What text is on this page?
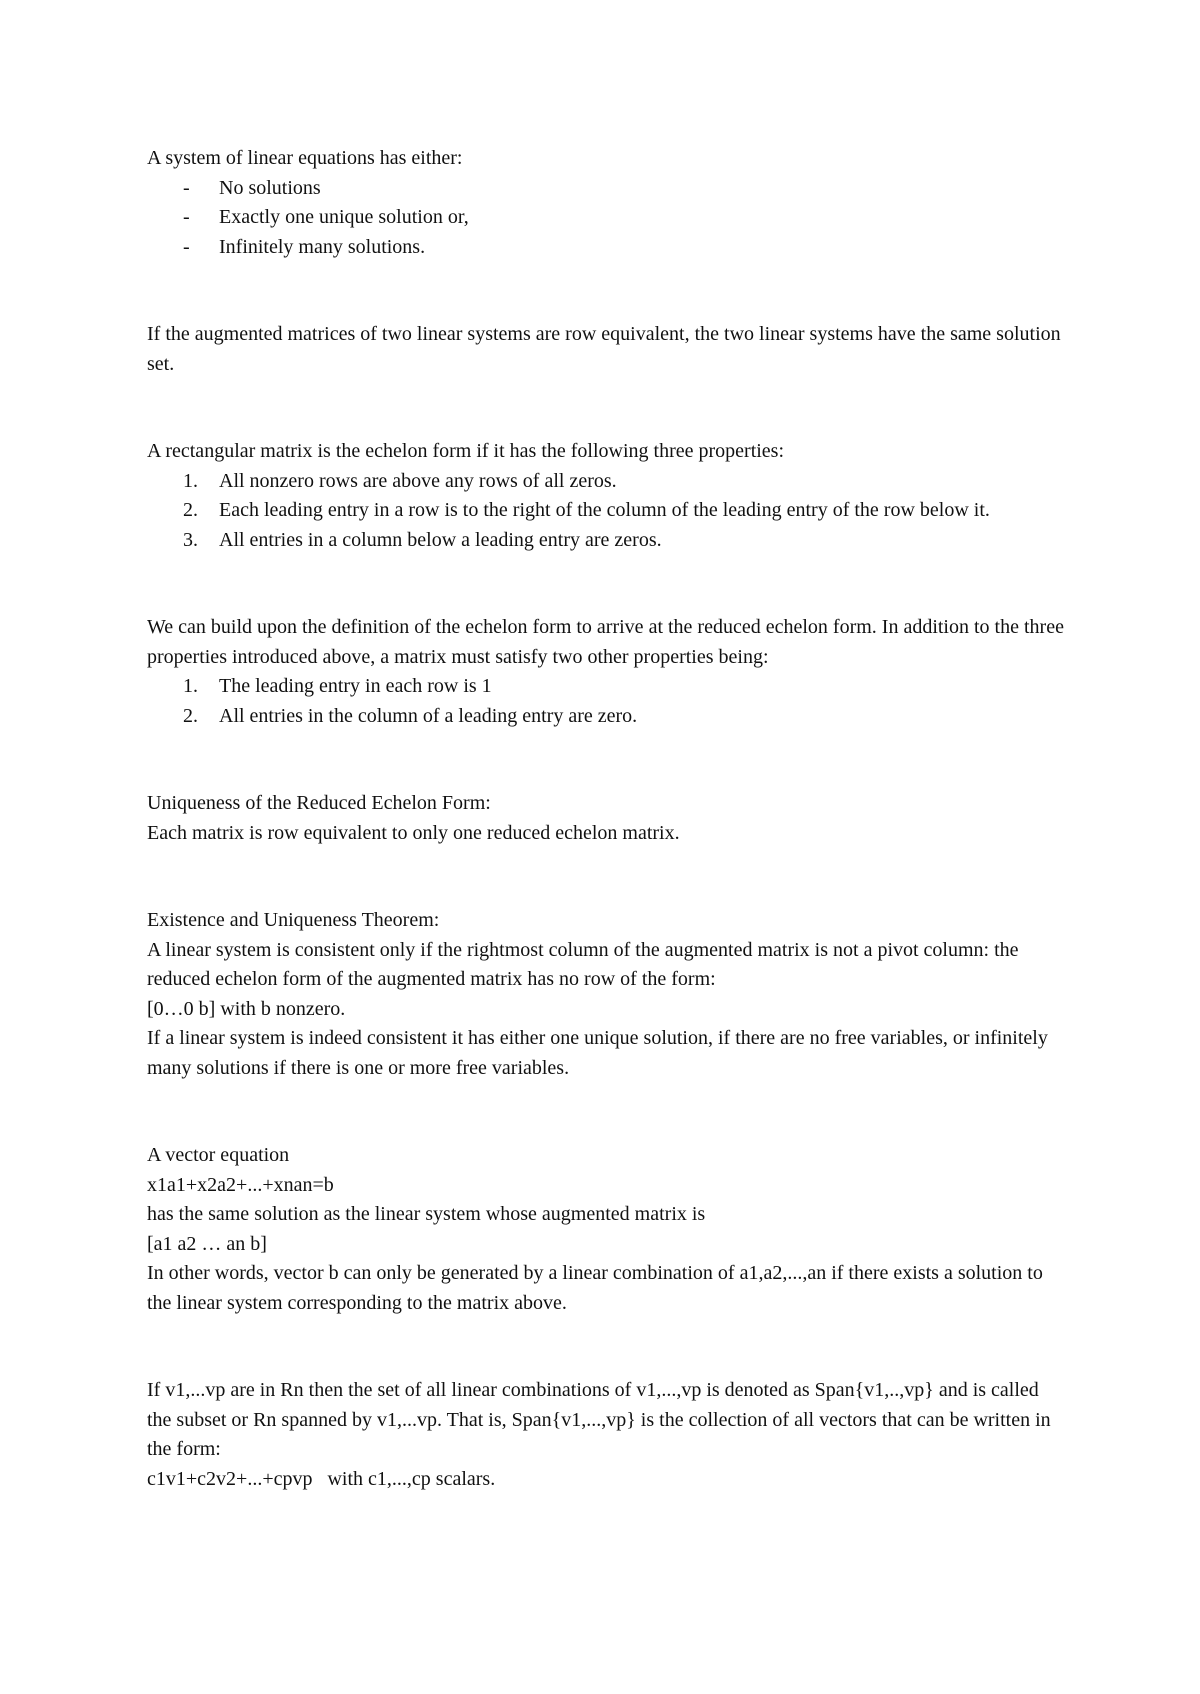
A system of linear equations has either:

-	No solutions
-	Exactly one unique solution or,
-	Infinitely many solutions.

If the augmented matrices of two linear systems are row equivalent, the two linear systems have the same solution set.

A rectangular matrix is the echelon form if it has the following three properties:

1.	All nonzero rows are above any rows of all zeros.
2.	Each leading entry in a row is to the right of the column of the leading entry of the row below it.
3.	All entries in a column below a leading entry are zeros.

We can build upon the definition of the echelon form to arrive at the reduced echelon form. In addition to the three properties introduced above, a matrix must satisfy two other properties being:

1.	The leading entry in each row is 1
2.	All entries in the column of a leading entry are zero.

Uniqueness of the Reduced Echelon Form:

Each matrix is row equivalent to only one reduced echelon matrix.

Existence and Uniqueness Theorem:

A linear system is consistent only if the rightmost column of the augmented matrix is not a pivot column: the reduced echelon form of the augmented matrix has no row of the form:

[0…0 b] with b nonzero.

If a linear system is indeed consistent it has either one unique solution, if there are no free variables, or infinitely many solutions if there is one or more free variables.

A vector equation

x1a1+x2a2+...+xnan=b

has the same solution as the linear system whose augmented matrix is

[a1 a2 … an b]

In other words, vector b can only be generated by a linear combination of a1,a2,...,an if there exists a solution to the linear system corresponding to the matrix above.

If v1,...vp are in Rn then the set of all linear combinations of v1,...,vp is denoted as Span{v1,..,vp} and is called the subset or Rn spanned by v1,...vp. That is, Span{v1,...,vp} is the collection of all vectors that can be written in the form:

c1v1+c2v2+...+cpvp   with c1,...,cp scalars.
